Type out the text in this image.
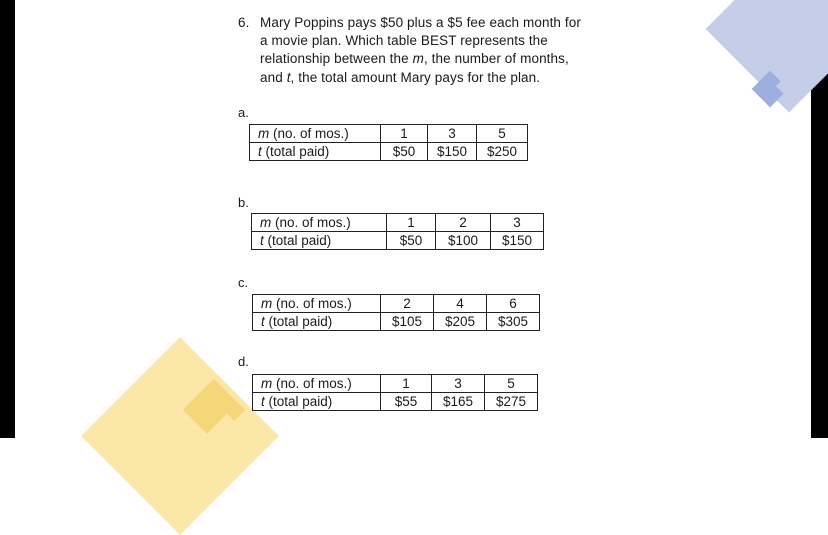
6. Mary Poppins pays $50 plus a $5 fee each month for
a movie plan. Which table BEST represents the
relationship between the m, the number of months,
and t, the total amount Mary pays for the plan.
a.
m (no. of mos.)	1	3	5
t (total paid)	$50	$150	$250
b.
m (no. of mos.)	1	2	3
t (total paid)	$50	$100	$150
c.
m (no. of mos.)	2	4	6
t (total paid)	$105	$205	$305
d.
m (no. of mos.)	1	3	5
t (total paid)	$55	$165	$275
